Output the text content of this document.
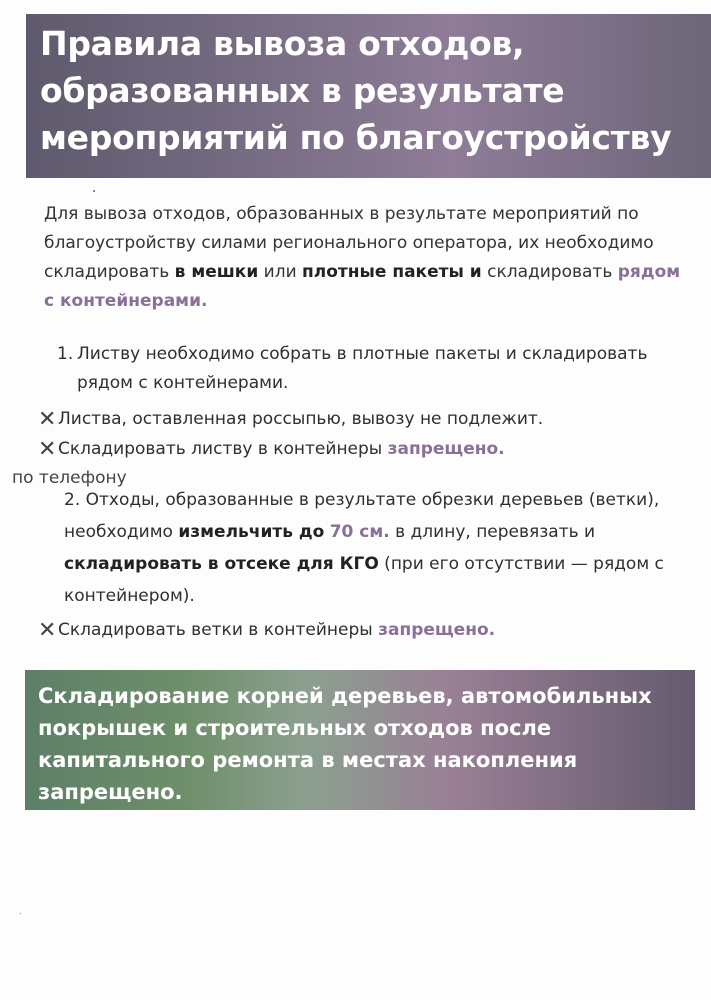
Правила вывоза отходов,
образованных в результате
мероприятий по благоустройству
Для вывоза отходов, образованных в результате мероприятий по благоустройству силами регионального оператора, их необходимо складировать в мешки или плотные пакеты и складировать рядом с контейнерами.
1. Листву необходимо собрать в плотные пакеты и складировать рядом с контейнерами.
✕Листва, оставленная россыпью, вывозу не подлежит.
✕Складировать листву в контейнеры запрещено.
по телефону
2. Отходы, образованные в результате обрезки деревьев (ветки), необходимо измельчить до 70 см. в длину, перевязать и складировать в отсеке для КГО (при его отсутствии — рядом с контейнером).
✕Складировать ветки в контейнеры запрещено.

Складирование корней деревьев, автомобильных
покрышек и строительных отходов после
капитального ремонта в местах накопления
запрещено.
